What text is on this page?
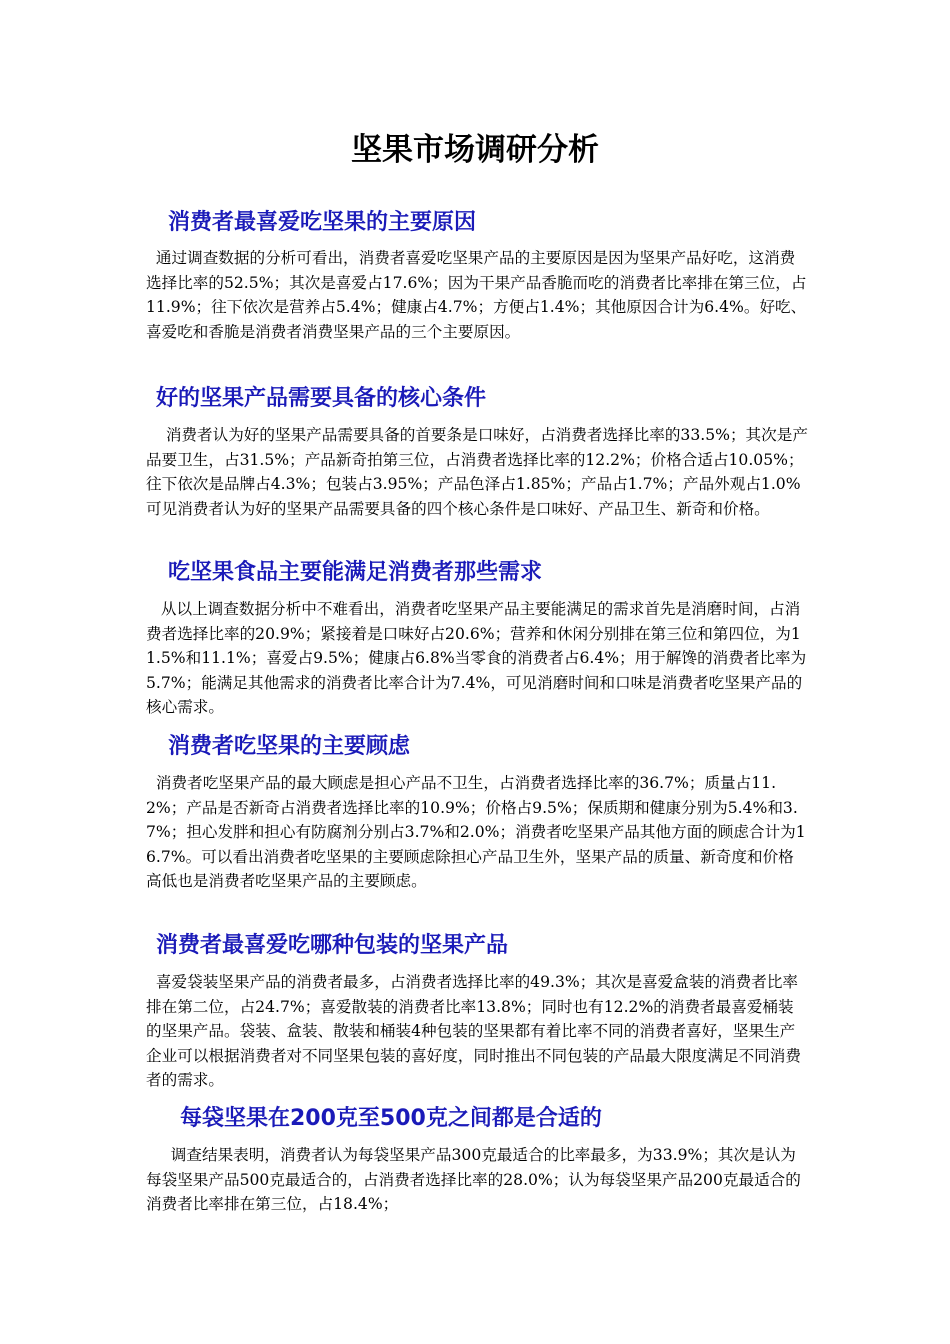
坚果市场调研分析
消费者最喜爱吃坚果的主要原因

通过调查数据的分析可看出，消费者喜爱吃坚果产品的主要原因是因为坚果产品好吃，这消费选择比率的52.5%；其次是喜爱占17.6%；因为干果产品香脆而吃的消费者比率排在第三位，占11.9%；往下依次是营养占5.4%；健康占4.7%；方便占1.4%；其他原因合计为6.4%。好吃、喜爱吃和香脆是消费者消费坚果产品的三个主要原因。

好的坚果产品需要具备的核心条件

消费者认为好的坚果产品需要具备的首要条是口味好，占消费者选择比率的33.5%；其次是产品要卫生，占31.5%；产品新奇拍第三位，占消费者选择比率的12.2%；价格合适占10.05%；往下依次是品牌占4.3%；包装占3.95%；产品色泽占1.85%；产品占1.7%；产品外观占1.0%可见消费者认为好的坚果产品需要具备的四个核心条件是口味好、产品卫生、新奇和价格。

吃坚果食品主要能满足消费者那些需求

从以上调查数据分析中不难看出，消费者吃坚果产品主要能满足的需求首先是消磨时间，占消费者选择比率的20.9%；紧接着是口味好占20.6%；营养和休闲分别排在第三位和第四位，为11.5%和11.1%；喜爱占9.5%；健康占6.8%当零食的消费者占6.4%；用于解馋的消费者比率为5.7%；能满足其他需求的消费者比率合计为7.4%，可见消磨时间和口味是消费者吃坚果产品的核心需求。

消费者吃坚果的主要顾虑

消费者吃坚果产品的最大顾虑是担心产品不卫生，占消费者选择比率的36.7%；质量占11.2%；产品是否新奇占消费者选择比率的10.9%；价格占9.5%；保质期和健康分别为5.4%和3.7%；担心发胖和担心有防腐剂分别占3.7%和2.0%；消费者吃坚果产品其他方面的顾虑合计为16.7%。可以看出消费者吃坚果的主要顾虑除担心产品卫生外，坚果产品的质量、新奇度和价格高低也是消费者吃坚果产品的主要顾虑。

消费者最喜爱吃哪种包装的坚果产品

喜爱袋装坚果产品的消费者最多，占消费者选择比率的49.3%；其次是喜爱盒装的消费者比率排在第二位，占24.7%；喜爱散装的消费者比率13.8%；同时也有12.2%的消费者最喜爱桶装的坚果产品。袋装、盒装、散装和桶装4种包装的坚果都有着比率不同的消费者喜好，坚果生产企业可以根据消费者对不同坚果包装的喜好度，同时推出不同包装的产品最大限度满足不同消费者的需求。

每袋坚果在200克至500克之间都是合适的

调查结果表明，消费者认为每袋坚果产品300克最适合的比率最多，为33.9%；其次是认为每袋坚果产品500克最适合的，占消费者选择比率的28.0%；认为每袋坚果产品200克最适合的消费者比率排在第三位，占18.4%；
